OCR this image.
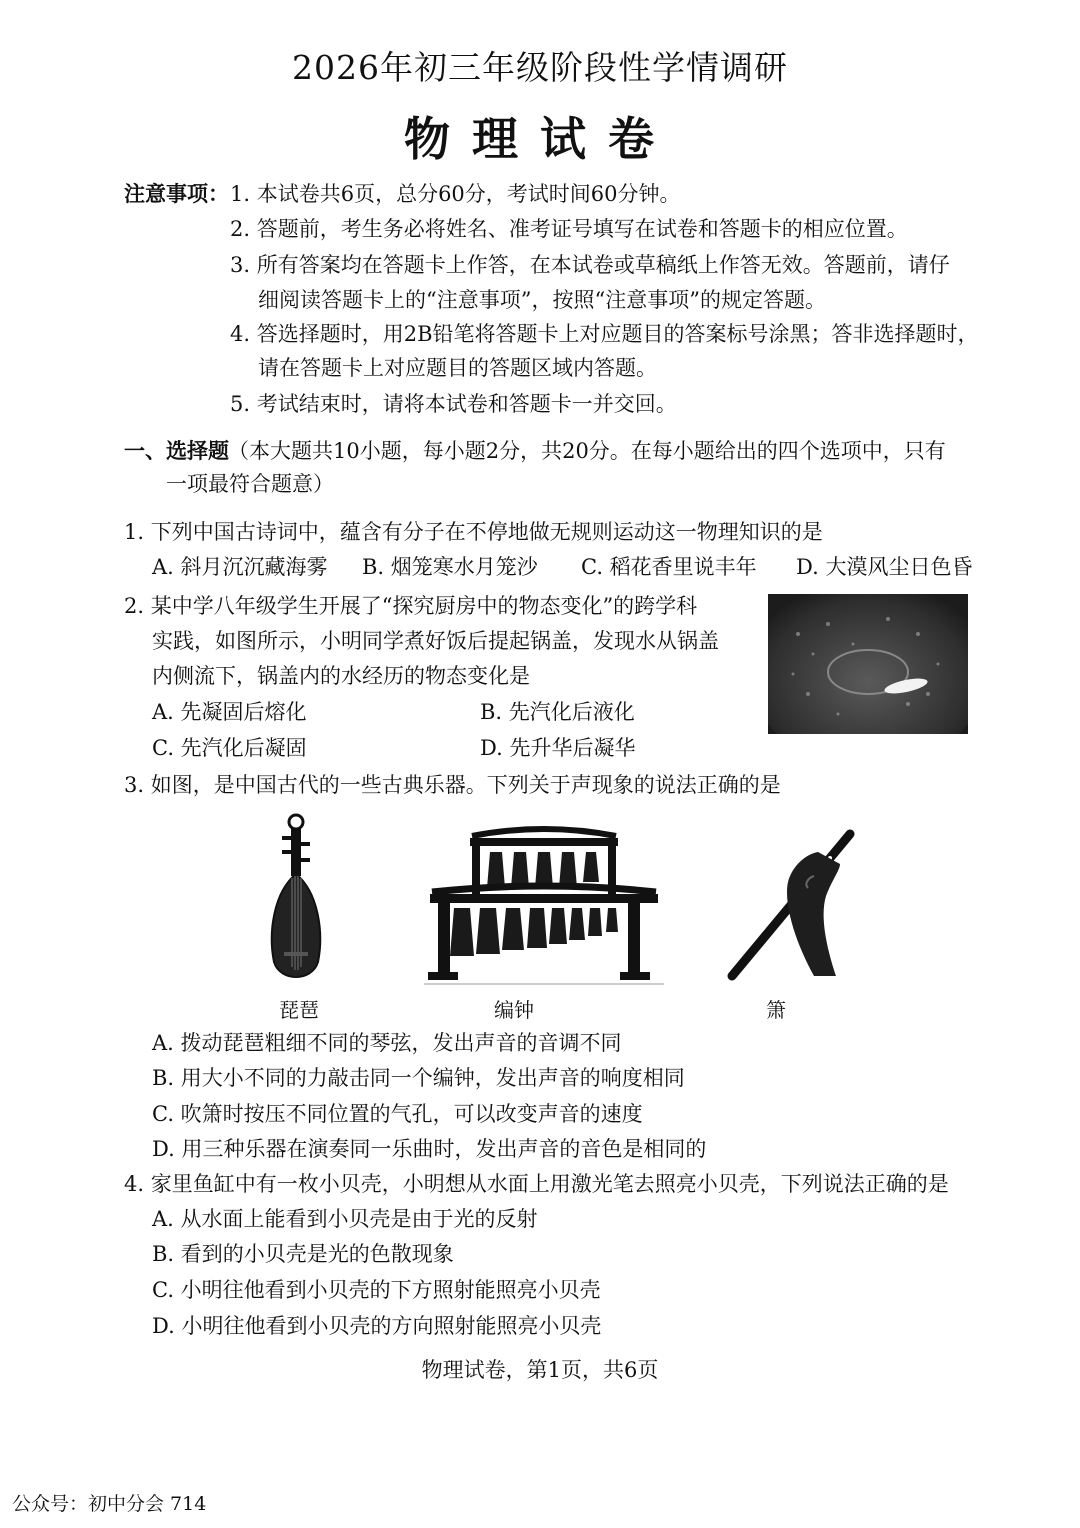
2026年初三年级阶段性学情调研
物理试卷
注意事项： 1. 本试卷共6页，总分60分，考试时间60分钟。
2. 答题前，考生务必将姓名、准考证号填写在试卷和答题卡的相应位置。
3. 所有答案均在答题卡上作答，在本试卷或草稿纸上作答无效。答题前，请仔
细阅读答题卡上的“注意事项”，按照“注意事项”的规定答题。
4. 答选择题时，用2B铅笔将答题卡上对应题目的答案标号涂黑；答非选择题时，
请在答题卡上对应题目的答题区域内答题。
5. 考试结束时，请将本试卷和答题卡一并交回。
一、选择题 （本大题共10小题，每小题2分，共20分。在每小题给出的四个选项中，只有
一项最符合题意）
1. 下列中国古诗词中，蕴含有分子在不停地做无规则运动这一物理知识的是
A. 斜月沉沉藏海雾 B. 烟笼寒水月笼沙 C. 稻花香里说丰年 D. 大漠风尘日色昏
2. 某中学八年级学生开展了“探究厨房中的物态变化”的跨学科
实践，如图所示，小明同学煮好饭后提起锅盖，发现水从锅盖
内侧流下，锅盖内的水经历的物态变化是
A. 先凝固后熔化	B. 先汽化后液化
C. 先汽化后凝固	D. 先升华后凝华
3. 如图，是中国古代的一些古典乐器。下列关于声现象的说法正确的是
琵琶	编钟	箫
A. 拨动琵琶粗细不同的琴弦，发出声音的音调不同
B. 用大小不同的力敲击同一个编钟，发出声音的响度相同
C. 吹箫时按压不同位置的气孔，可以改变声音的速度
D. 用三种乐器在演奏同一乐曲时，发出声音的音色是相同的
4. 家里鱼缸中有一枚小贝壳，小明想从水面上用激光笔去照亮小贝壳，下列说法正确的是
A. 从水面上能看到小贝壳是由于光的反射
B. 看到的小贝壳是光的色散现象
C. 小明往他看到小贝壳的下方照射能照亮小贝壳
D. 小明往他看到小贝壳的方向照射能照亮小贝壳
物理试卷，第1页，共6页
公众号：初中分会 714
